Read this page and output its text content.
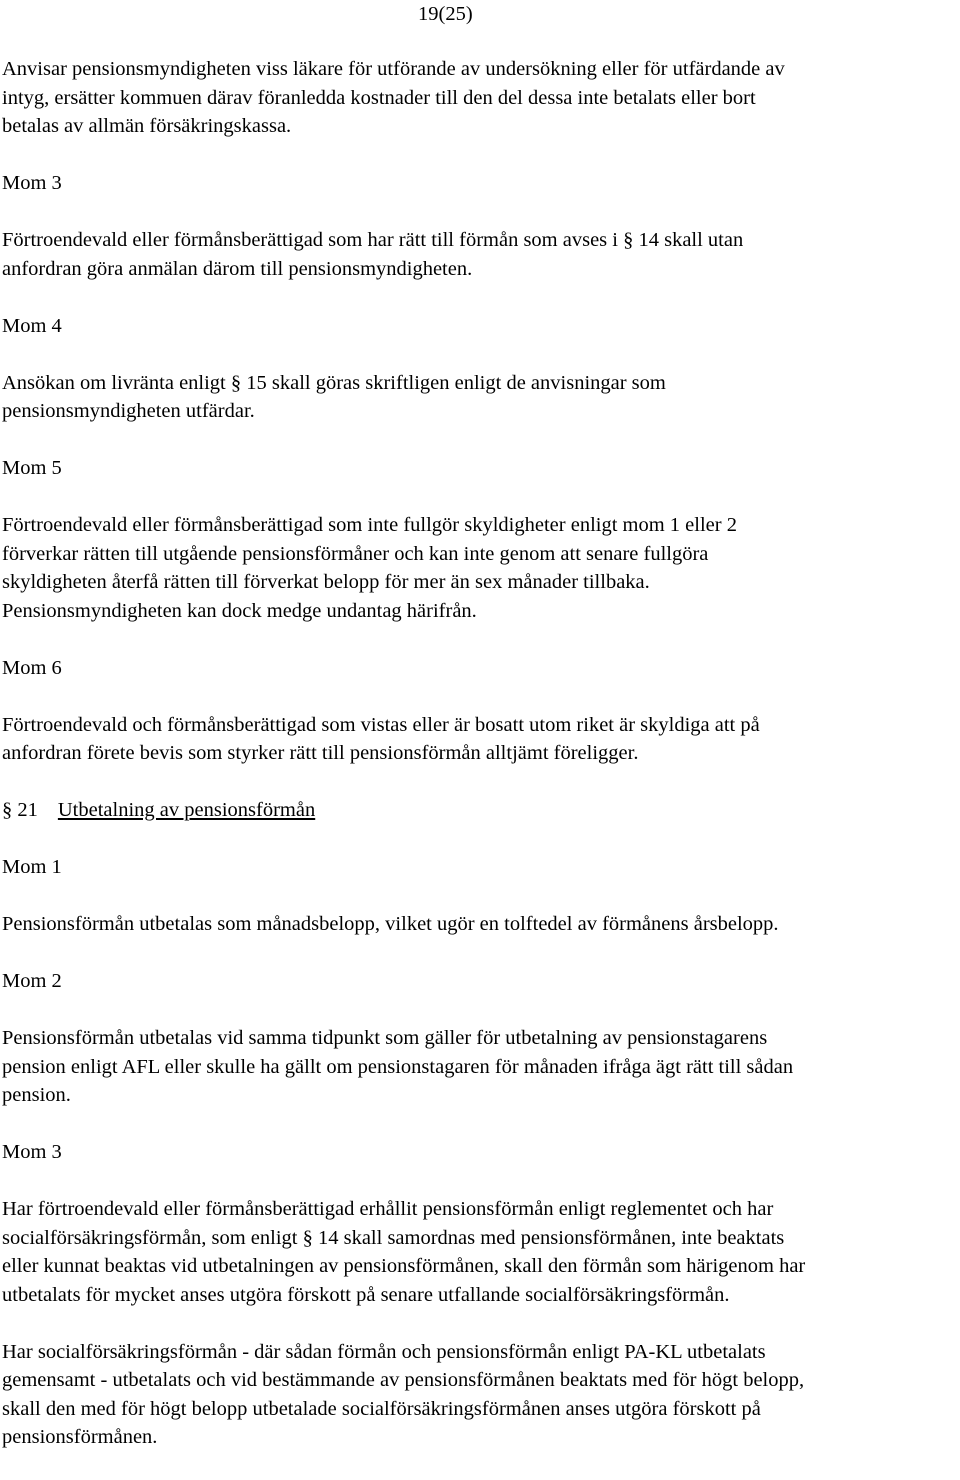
19(25)

Anvisar pensionsmyndigheten viss läkare för utförande av undersökning eller för utfärdande av

intyg, ersätter kommuen därav föranledda kostnader till den del dessa inte betalats eller bort

betalas av allmän försäkringskassa.

Mom 3

Förtroendevald eller förmånsberättigad som har rätt till förmån som avses i § 14 skall utan

anfordran göra anmälan därom till pensionsmyndigheten.

Mom 4

Ansökan om livränta enligt § 15 skall göras skriftligen enligt de anvisningar som

pensionsmyndigheten utfärdar.

Mom 5

Förtroendevald eller förmånsberättigad som inte fullgör skyldigheter enligt mom 1 eller 2

förverkar rätten till utgående pensionsförmåner och kan inte genom att senare fullgöra

skyldigheten återfå rätten till förverkat belopp för mer än sex månader tillbaka.

Pensionsmyndigheten kan dock medge undantag härifrån.

Mom 6

Förtroendevald och förmånsberättigad som vistas eller är bosatt utom riket är skyldiga att på

anfordran förete bevis som styrker rätt till pensionsförmån alltjämt föreligger.

§ 21 Utbetalning av pensionsförmån

Mom 1

Pensionsförmån utbetalas som månadsbelopp, vilket ugör en tolftedel av förmånens årsbelopp.

Mom 2

Pensionsförmån utbetalas vid samma tidpunkt som gäller för utbetalning av pensionstagarens

pension enligt AFL eller skulle ha gällt om pensionstagaren för månaden ifråga ägt rätt till sådan

pension.

Mom 3

Har förtroendevald eller förmånsberättigad erhållit pensionsförmån enligt reglementet och har

socialförsäkringsförmån, som enligt § 14 skall samordnas med pensionsförmånen, inte beaktats

eller kunnat beaktas vid utbetalningen av pensionsförmånen, skall den förmån som härigenom har

utbetalats för mycket anses utgöra förskott på senare utfallande socialförsäkringsförmån.

Har socialförsäkringsförmån - där sådan förmån och pensionsförmån enligt PA-KL utbetalats

gemensamt - utbetalats och vid bestämmande av pensionsförmånen beaktats med för högt belopp,

skall den med för högt belopp utbetalade socialförsäkringsförmånen anses utgöra förskott på

pensionsförmånen.
